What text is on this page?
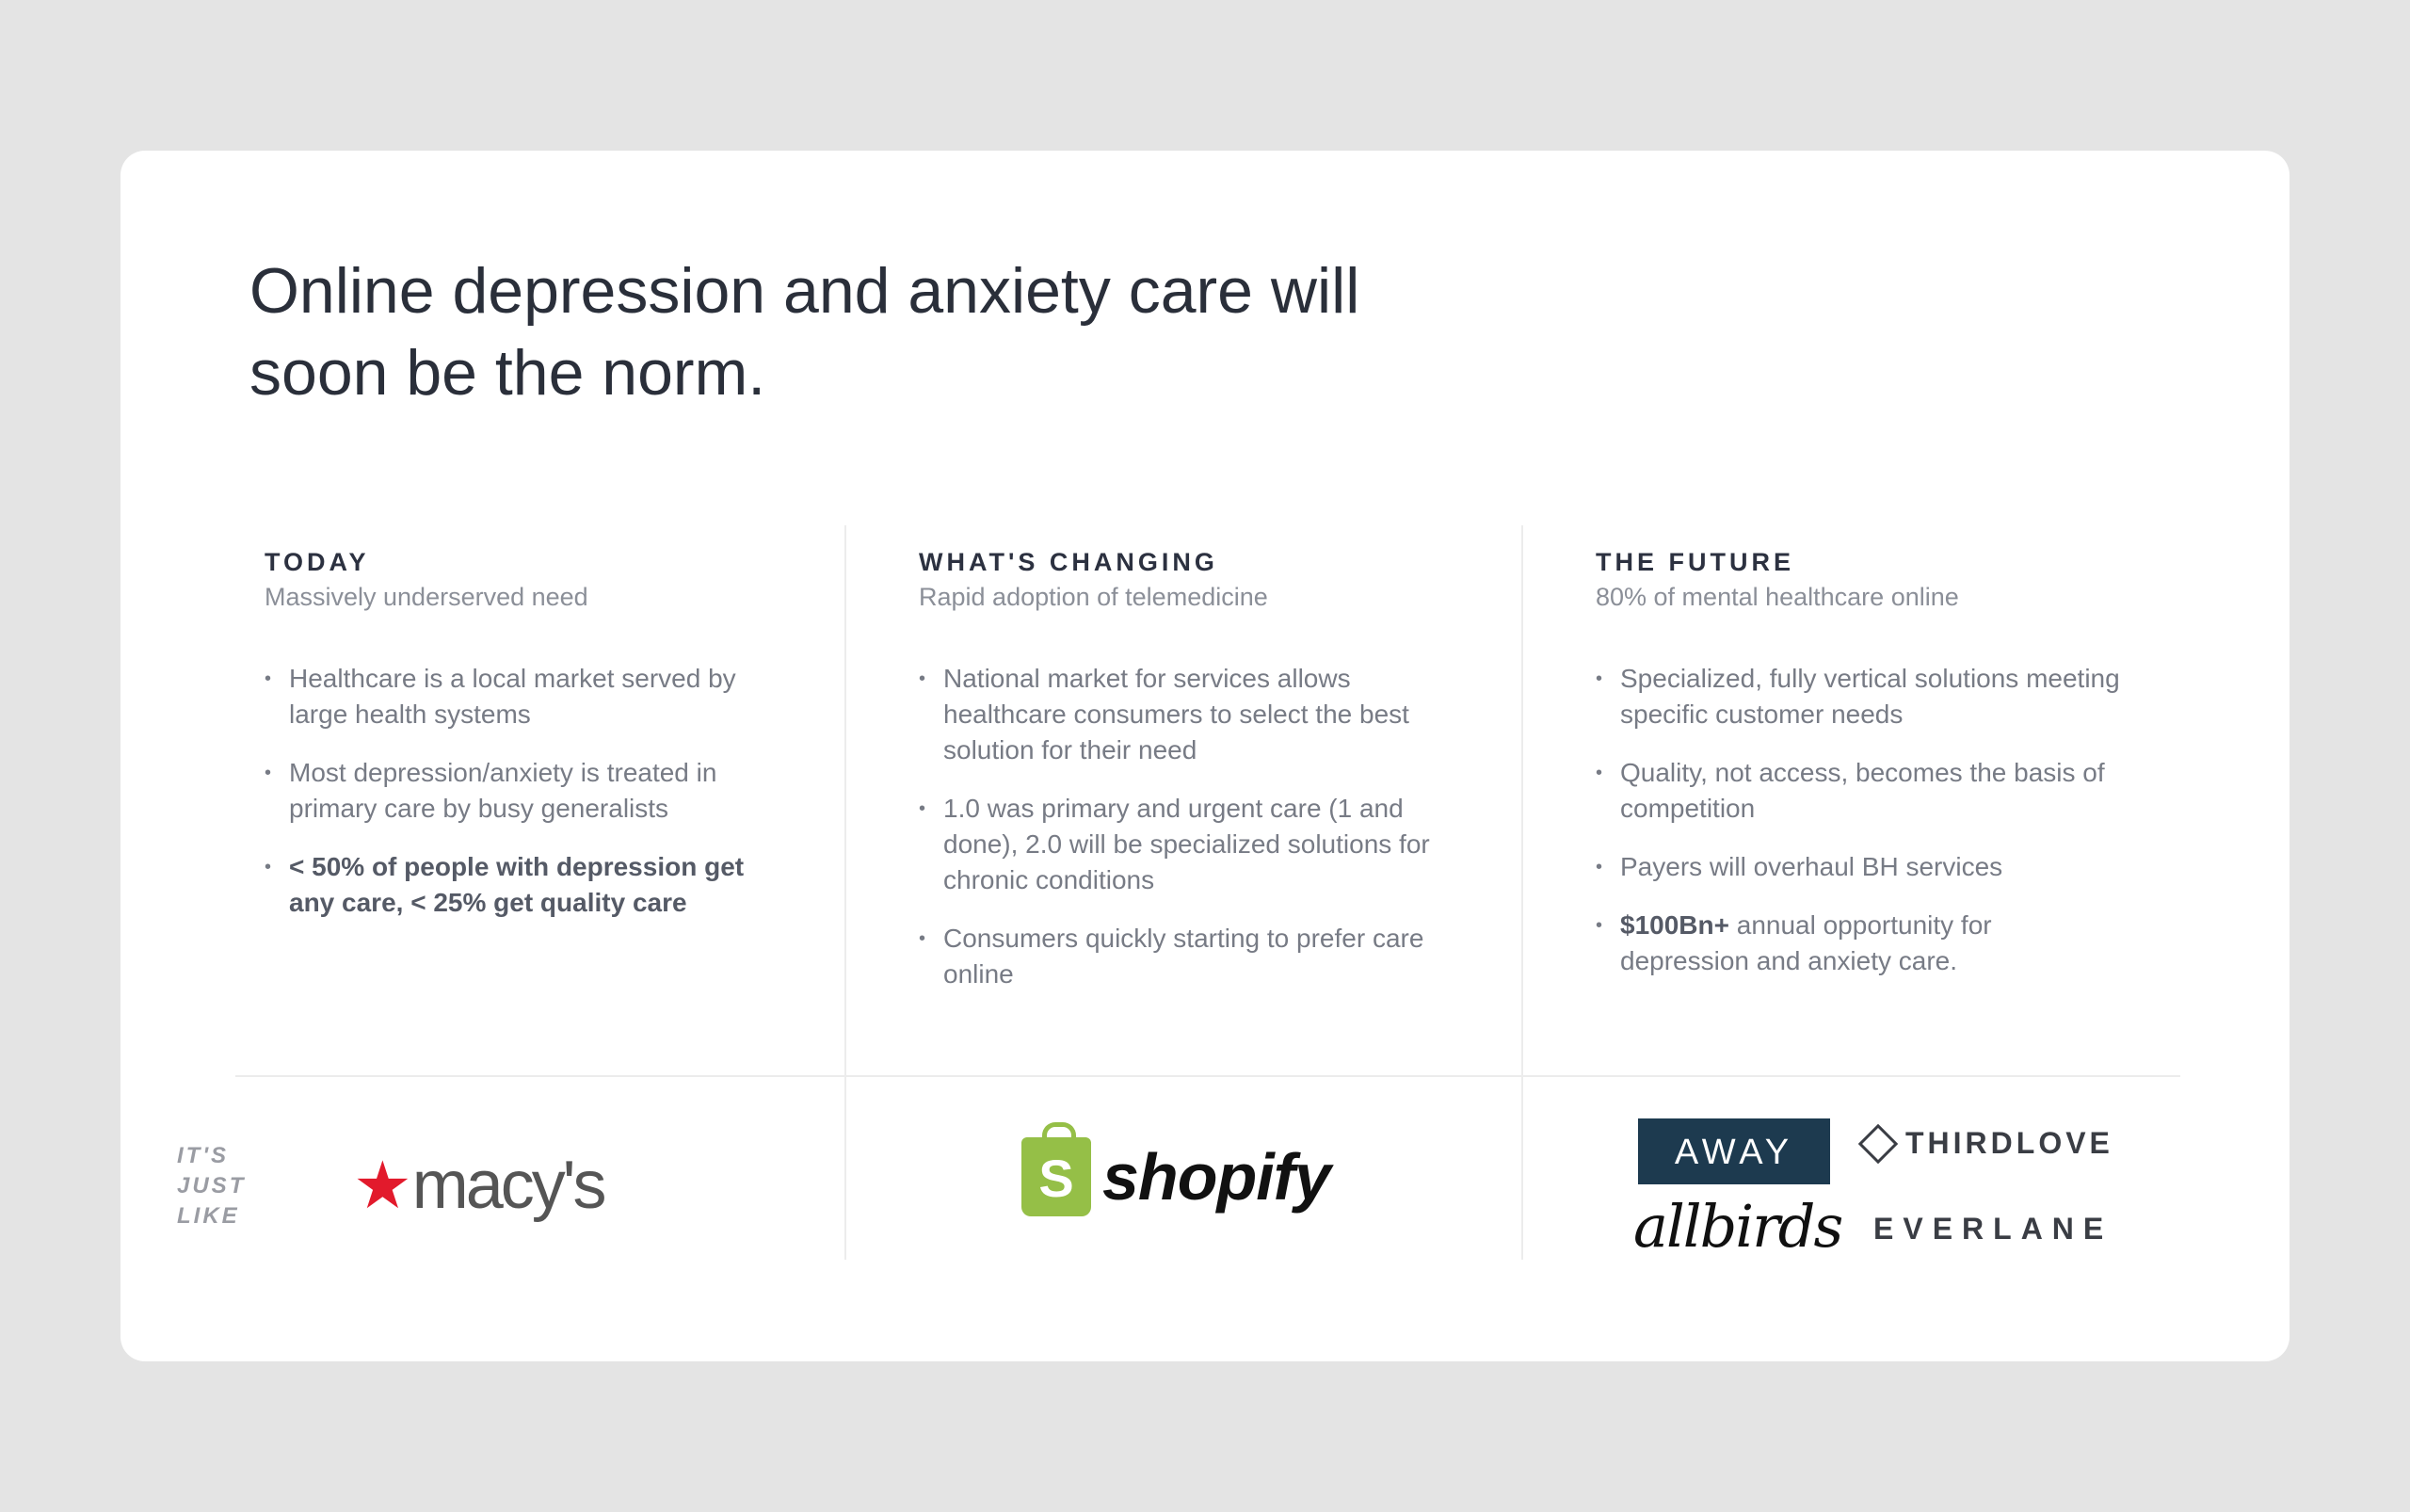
Online depression and anxiety care will soon be the norm.
TODAY
Massively underserved need
• Healthcare is a local market served by large health systems
• Most depression/anxiety is treated in primary care by busy generalists
• < 50% of people with depression get any care, < 25% get quality care
WHAT'S CHANGING
Rapid adoption of telemedicine
• National market for services allows healthcare consumers to select the best solution for their need
• 1.0 was primary and urgent care (1 and done), 2.0 will be specialized solutions for chronic conditions
• Consumers quickly starting to prefer care online
THE FUTURE
80% of mental healthcare online
• Specialized, fully vertical solutions meeting specific customer needs
• Quality, not access, becomes the basis of competition
• Payers will overhaul BH services
• $100Bn+ annual opportunity for depression and anxiety care.
IT'S JUST LIKE ★ macy's	S shopify	AWAY	THIRDLOVE
allbirds EVERLANE
